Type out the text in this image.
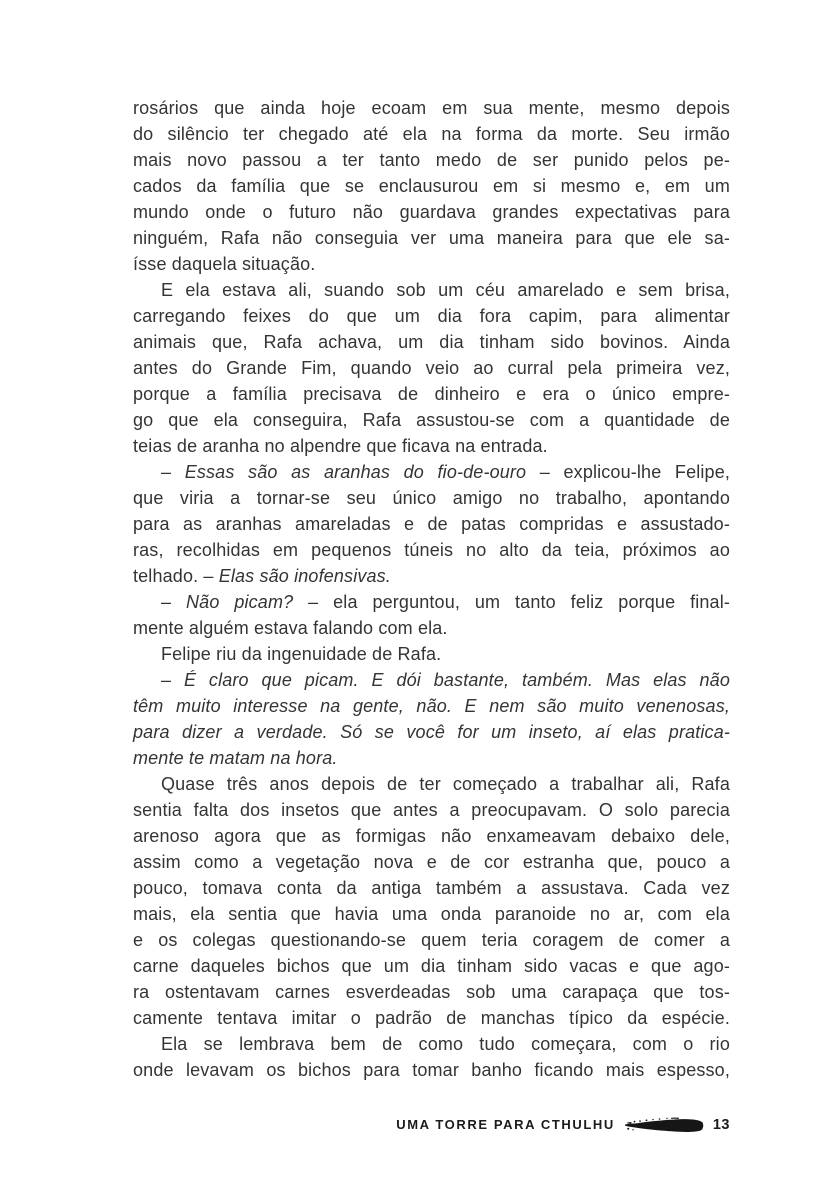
rosários que ainda hoje ecoam em sua mente, mesmo depois
do silêncio ter chegado até ela na forma da morte. Seu irmão
mais novo passou a ter tanto medo de ser punido pelos pe-
cados da família que se enclausurou em si mesmo e, em um
mundo onde o futuro não guardava grandes expectativas para
ninguém, Rafa não conseguia ver uma maneira para que ele sa-
ísse daquela situação.
E ela estava ali, suando sob um céu amarelado e sem brisa,
carregando feixes do que um dia fora capim, para alimentar
animais que, Rafa achava, um dia tinham sido bovinos. Ainda
antes do Grande Fim, quando veio ao curral pela primeira vez,
porque a família precisava de dinheiro e era o único empre-
go que ela conseguira, Rafa assustou-se com a quantidade de
teias de aranha no alpendre que ficava na entrada.
– Essas são as aranhas do fio-de-ouro – explicou-lhe Felipe,
que viria a tornar-se seu único amigo no trabalho, apontando
para as aranhas amareladas e de patas compridas e assustado-
ras, recolhidas em pequenos túneis no alto da teia, próximos ao
telhado. – Elas são inofensivas.
– Não picam? – ela perguntou, um tanto feliz porque final-
mente alguém estava falando com ela.
Felipe riu da ingenuidade de Rafa.
– É claro que picam. E dói bastante, também. Mas elas não
têm muito interesse na gente, não. E nem são muito venenosas,
para dizer a verdade. Só se você for um inseto, aí elas pratica-
mente te matam na hora.
Quase três anos depois de ter começado a trabalhar ali, Rafa
sentia falta dos insetos que antes a preocupavam. O solo parecia
arenoso agora que as formigas não enxameavam debaixo dele,
assim como a vegetação nova e de cor estranha que, pouco a
pouco, tomava conta da antiga também a assustava. Cada vez
mais, ela sentia que havia uma onda paranoide no ar, com ela
e os colegas questionando-se quem teria coragem de comer a
carne daqueles bichos que um dia tinham sido vacas e que ago-
ra ostentavam carnes esverdeadas sob uma carapaça que tos-
camente tentava imitar o padrão de manchas típico da espécie.
Ela se lembrava bem de como tudo começara, com o rio
onde levavam os bichos para tomar banho ficando mais espesso,
UMA TORRE PARA CTHULHU	13
